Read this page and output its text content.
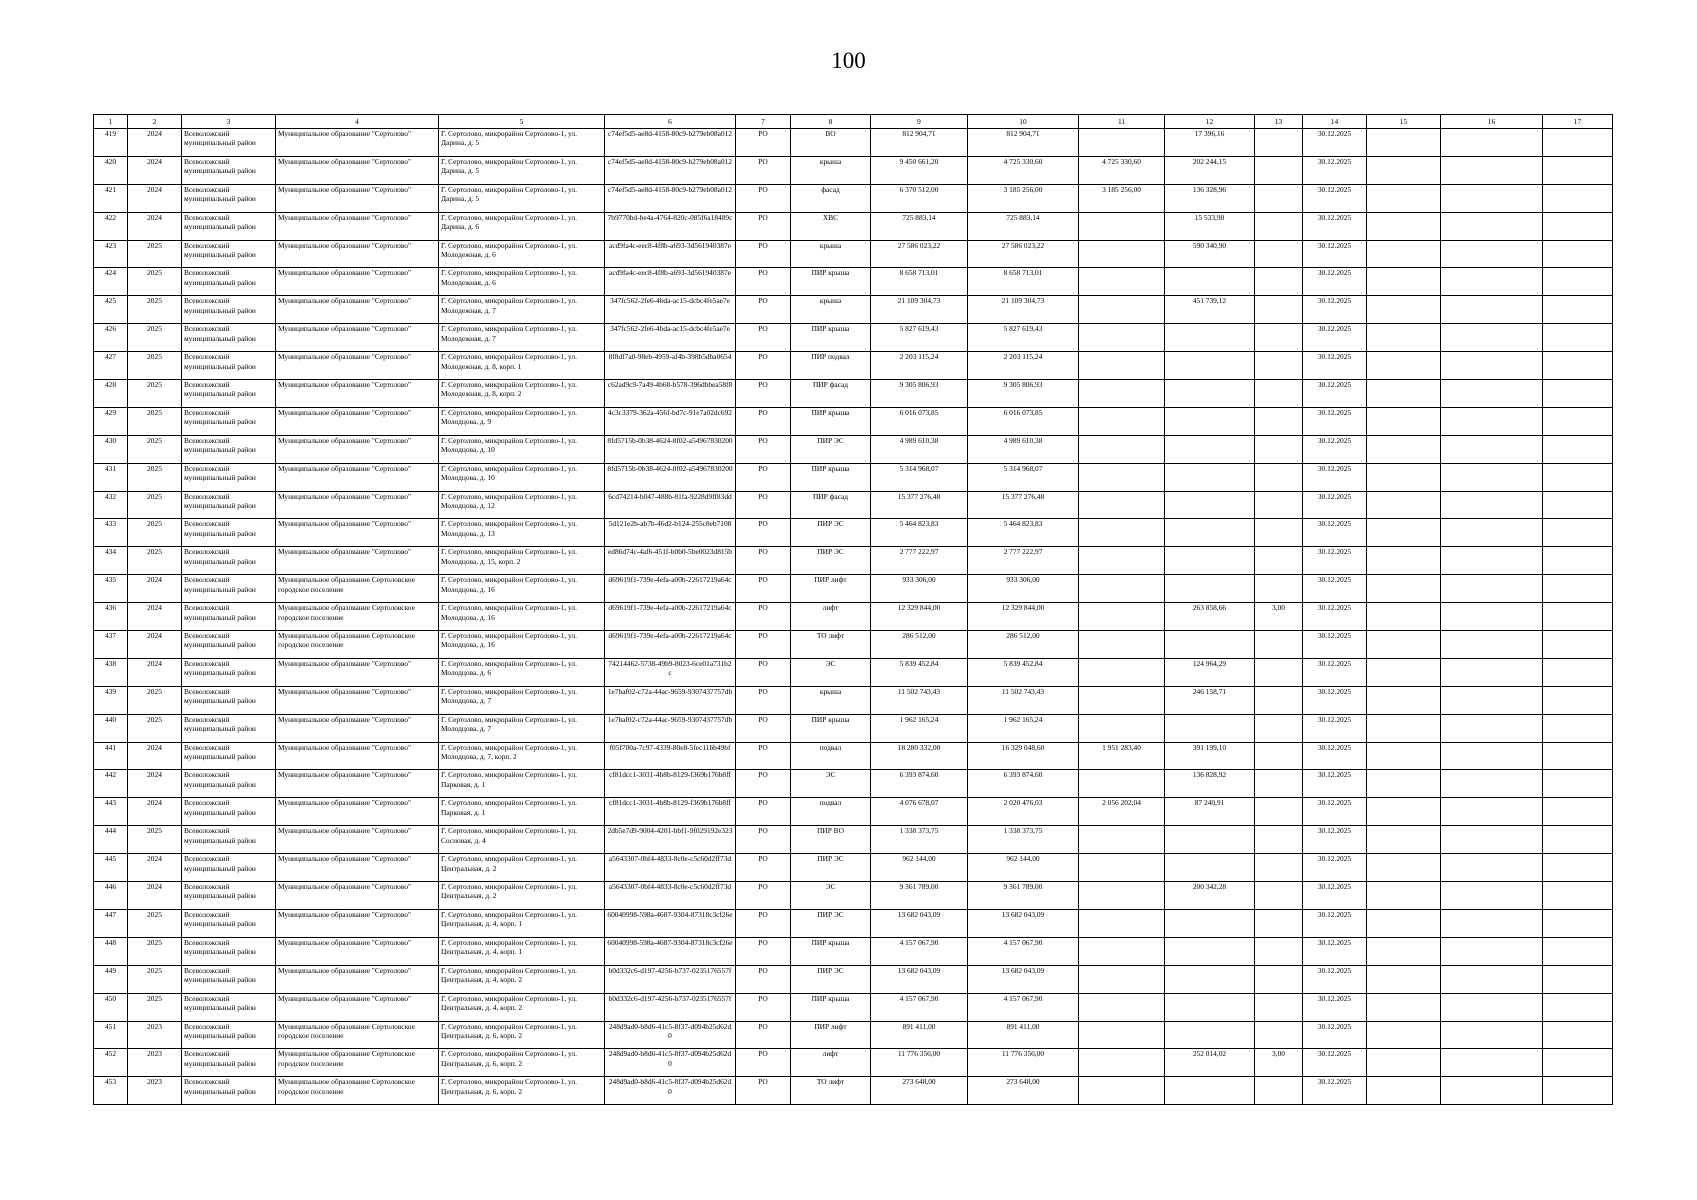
100
1	2	3	4	5	6	7	8	9	10	11	12	13	14	15	16	17
419	2024	Всеволожский муниципальный район	Муниципальное образование "Сертолово"	Г. Сертолово, микрорайон Сертолово-1, ул. Дарина, д. 5	c74ef5d5-ae8d-4158-80c9-b279eb08a012	РО	ВО	812 904,71	812 904,71		17 396,16		30.12.2025			
420	2024	Всеволожский муниципальный район	Муниципальное образование "Сертолово"	Г. Сертолово, микрорайон Сертолово-1, ул. Дарина, д. 5	c74ef5d5-ae8d-4158-80c9-b279eb08a012	РО	крыша	9 450 661,20	4 725 330,60	4 725 330,60	202 244,15		30.12.2025			
421	2024	Всеволожский муниципальный район	Муниципальное образование "Сертолово"	Г. Сертолово, микрорайон Сертолово-1, ул. Дарина, д. 5	c74ef5d5-ae8d-4158-80c9-b279eb08a012	РО	фасад	6 370 512,00	3 185 256,00	3 185 256,00	136 328,96		30.12.2025			
422	2024	Всеволожский муниципальный район	Муниципальное образование "Сертолово"	Г. Сертолово, микрорайон Сертолово-1, ул. Дарина, д. 6	7b9770bd-be4a-4764-820c-085f6a18489c	РО	ХВС	725 883,14	725 883,14		15 533,90		30.12.2025			
423	2025	Всеволожский муниципальный район	Муниципальное образование "Сертолово"	Г. Сертолово, микрорайон Сертолово-1, ул. Молодежная, д. 6	acd9fa4c-eec8-4f8b-a693-3d561940387e	РО	крыша	27 586 023,22	27 586 023,22		590 340,90		30.12.2025			
424	2025	Всеволожский муниципальный район	Муниципальное образование "Сертолово"	Г. Сертолово, микрорайон Сертолово-1, ул. Молодежная, д. 6	acd9fa4c-eec8-4f8b-a693-3d561940387e	РО	ПИР крыша	8 658 713,01	8 658 713,01				30.12.2025			
425	2025	Всеволожский муниципальный район	Муниципальное образование "Сертолово"	Г. Сертолово, микрорайон Сертолово-1, ул. Молодежная, д. 7	347fc562-2fe6-4bda-ac15-dcbc4fe5ae7e	РО	крыша	21 109 304,73	21 109 304,73		451 739,12		30.12.2025			
426	2025	Всеволожский муниципальный район	Муниципальное образование "Сертолово"	Г. Сертолово, микрорайон Сертолово-1, ул. Молодежная, д. 7	347fc562-2fe6-4bda-ac15-dcbc4fe5ae7e	РО	ПИР крыша	5 827 619,43	5 827 619,43				30.12.2025			
427	2025	Всеволожский муниципальный район	Муниципальное образование "Сертолово"	Г. Сертолово, микрорайон Сертолово-1, ул. Молодежная, д. 8, корп. 1	8f8df7a0-98eb-4959-af4b-398b5dba0654	РО	ПИР подвал	2 203 115,24	2 203 115,24				30.12.2025			
428	2025	Всеволожский муниципальный район	Муниципальное образование "Сертолово"	Г. Сертолово, микрорайон Сертолово-1, ул. Молодежная, д. 8, корп. 2	c62ad9c9-7a49-4b68-b578-396dbbea58f8	РО	ПИР фасад	9 305 806,93	9 305 806,93				30.12.2025			
429	2025	Всеволожский муниципальный район	Муниципальное образование "Сертолово"	Г. Сертолово, микрорайон Сертолово-1, ул. Молодцова, д. 9	4c3c3379-362a-456f-bd7c-91e7a02dc692	РО	ПИР крыша	6 016 073,85	6 016 073,85				30.12.2025			
430	2025	Всеволожский муниципальный район	Муниципальное образование "Сертолово"	Г. Сертолово, микрорайон Сертолово-1, ул. Молодцова, д. 10	8fd5715b-0b38-4624-8f02-a54967830200	РО	ПИР ЭС	4 989 610,38	4 989 610,38				30.12.2025			
431	2025	Всеволожский муниципальный район	Муниципальное образование "Сертолово"	Г. Сертолово, микрорайон Сертолово-1, ул. Молодцова, д. 10	8fd5715b-0b38-4624-8f02-a54967830200	РО	ПИР крыша	5 314 968,07	5 314 968,07				30.12.2025			
432	2025	Всеволожский муниципальный район	Муниципальное образование "Сертолово"	Г. Сертолово, микрорайон Сертолово-1, ул. Молодцова, д. 12	6cd74214-b047-488b-81fa-9228d9ff83dd	РО	ПИР фасад	15 377 276,48	15 377 276,48				30.12.2025			
433	2025	Всеволожский муниципальный район	Муниципальное образование "Сертолово"	Г. Сертолово, микрорайон Сертолово-1, ул. Молодцова, д. 13	5d121e2b-ab7b-46d2-b124-255c8eb7108	РО	ПИР ЭС	5 464 823,83	5 464 823,83				30.12.2025			
434	2025	Всеволожский муниципальный район	Муниципальное образование "Сертолово"	Г. Сертолово, микрорайон Сертолово-1, ул. Молодцова, д. 15, корп. 2	ed86d74c-4af6-451f-b0b0-5be0023d815b	РО	ПИР ЭС	2 777 222,97	2 777 222,97				30.12.2025			
435	2024	Всеволожский муниципальный район	Муниципальное образование Сертоловское городское поселение	Г. Сертолово, микрорайон Сертолово-1, ул. Молодцова, д. 16	d69619f1-739e-4efa-a00b-22617219a64c	РО	ПИР лифт	933 306,00	933 306,00				30.12.2025			
436	2024	Всеволожский муниципальный район	Муниципальное образование Сертоловское городское поселение	Г. Сертолово, микрорайон Сертолово-1, ул. Молодцова, д. 16	d69619f1-739e-4efa-a00b-22617219a64c	РО	лифт	12 329 844,00	12 329 844,00		263 858,66	3,00	30.12.2025			
437	2024	Всеволожский муниципальный район	Муниципальное образование Сертоловское городское поселение	Г. Сертолово, микрорайон Сертолово-1, ул. Молодцова, д. 16	d69619f1-739e-4efa-a00b-22617219a64c	РО	ТО лифт	286 512,00	286 512,00				30.12.2025			
438	2024	Всеволожский муниципальный район	Муниципальное образование "Сертолово"	Г. Сертолово, микрорайон Сертолово-1, ул. Молодцова, д. 6	74214462-5738-49b9-8023-6ce01a731b2c	РО	ЭС	5 839 452,84	5 839 452,84		124 964,29		30.12.2025			
439	2025	Всеволожский муниципальный район	Муниципальное образование "Сертолово"	Г. Сертолово, микрорайон Сертолово-1, ул. Молодцова, д. 7	1e7baf02-c72a-44ac-9659-9307437757db	РО	крыша	11 502 743,43	11 502 743,43		246 158,71		30.12.2025			
440	2025	Всеволожский муниципальный район	Муниципальное образование "Сертолово"	Г. Сертолово, микрорайон Сертолово-1, ул. Молодцова, д. 7	1e7baf02-c72a-44ac-9659-9307437757db	РО	ПИР крыша	1 962 165,24	1 962 165,24				30.12.2025			
441	2024	Всеволожский муниципальный район	Муниципальное образование "Сертолово"	Г. Сертолово, микрорайон Сертолово-1, ул. Молодцова, д. 7, корп. 2	f05f700a-7c97-4339-80e8-5fec11bb49bf	РО	подвал	18 280 332,00	16 329 048,60	1 951 283,40	391 199,10		30.12.2025			
442	2024	Всеволожский муниципальный район	Муниципальное образование "Сертолово"	Г. Сертолово, микрорайон Сертолово-1, ул. Парковая, д. 1	cf81dcc1-3031-4b8b-8129-f369b176b8ff	РО	ЭС	6 393 874,60	6 393 874,60		136 828,92		30.12.2025			
443	2024	Всеволожский муниципальный район	Муниципальное образование "Сертолово"	Г. Сертолово, микрорайон Сертолово-1, ул. Парковая, д. 1	cf81dcc1-3031-4b8b-8129-f369b176b8ff	РО	подвал	4 076 678,07	2 020 476,03	2 056 202,04	87 240,91		30.12.2025			
444	2025	Всеволожский муниципальный район	Муниципальное образование "Сертолово"	Г. Сертолово, микрорайон Сертолово-1, ул. Сосновая, д. 4	2db5e7d9-9004-4201-bbf1-9f029192e323	РО	ПИР ВО	1 338 373,75	1 338 373,75				30.12.2025			
445	2024	Всеволожский муниципальный район	Муниципальное образование "Сертолово"	Г. Сертолово, микрорайон Сертолово-1, ул. Центральная, д. 2	a5643307-0bf4-4833-8c0e-c5c60d2ff73d	РО	ПИР ЭС	962 144,00	962 144,00				30.12.2025			
446	2024	Всеволожский муниципальный район	Муниципальное образование "Сертолово"	Г. Сертолово, микрорайон Сертолово-1, ул. Центральная, д. 2	a5643307-0bf4-4833-8c0e-c5c60d2ff73d	РО	ЭС	9 361 789,00	9 361 789,00		200 342,28		30.12.2025			
447	2025	Всеволожский муниципальный район	Муниципальное образование "Сертолово"	Г. Сертолово, микрорайон Сертолово-1, ул. Центральная, д. 4, корп. 1	60040998-598a-4687-9304-87318c3cf26e	РО	ПИР ЭС	13 682 043,09	13 682 043,09				30.12.2025			
448	2025	Всеволожский муниципальный район	Муниципальное образование "Сертолово"	Г. Сертолово, микрорайон Сертолово-1, ул. Центральная, д. 4, корп. 1	60040998-598a-4687-9304-87318c3cf26e	РО	ПИР крыша	4 157 067,90	4 157 067,90				30.12.2025			
449	2025	Всеволожский муниципальный район	Муниципальное образование "Сертолово"	Г. Сертолово, микрорайон Сертолово-1, ул. Центральная, д. 4, корп. 2	b0d332c6-d197-4256-b737-0235176557f	РО	ПИР ЭС	13 682 043,09	13 682 043,09				30.12.2025			
450	2025	Всеволожский муниципальный район	Муниципальное образование "Сертолово"	Г. Сертолово, микрорайон Сертолово-1, ул. Центральная, д. 4, корп. 2	b0d332c6-d197-4256-b737-0235176557f	РО	ПИР крыша	4 157 067,90	4 157 067,90				30.12.2025			
451	2023	Всеволожский муниципальный район	Муниципальное образование Сертоловское городское поселение	Г. Сертолово, микрорайон Сертолово-1, ул. Центральная, д. 6, корп. 2	248d9ad0-b8d6-41c5-8f37-d094b25d62d0	РО	ПИР лифт	891 411,00	891 411,00				30.12.2025			
452	2023	Всеволожский муниципальный район	Муниципальное образование Сертоловское городское поселение	Г. Сертолово, микрорайон Сертолово-1, ул. Центральная, д. 6, корп. 2	248d9ad0-b8d6-41c5-8f37-d094b25d62d0	РО	лифт	11 776 356,00	11 776 356,00		252 014,02	3,00	30.12.2025			
453	2023	Всеволожский муниципальный район	Муниципальное образование Сертоловское городское поселение	Г. Сертолово, микрорайон Сертолово-1, ул. Центральная, д. 6, корп. 2	248d9ad0-b8d6-41c5-8f37-d094b25d62d0	РО	ТО лифт	273 648,00	273 648,00				30.12.2025			
